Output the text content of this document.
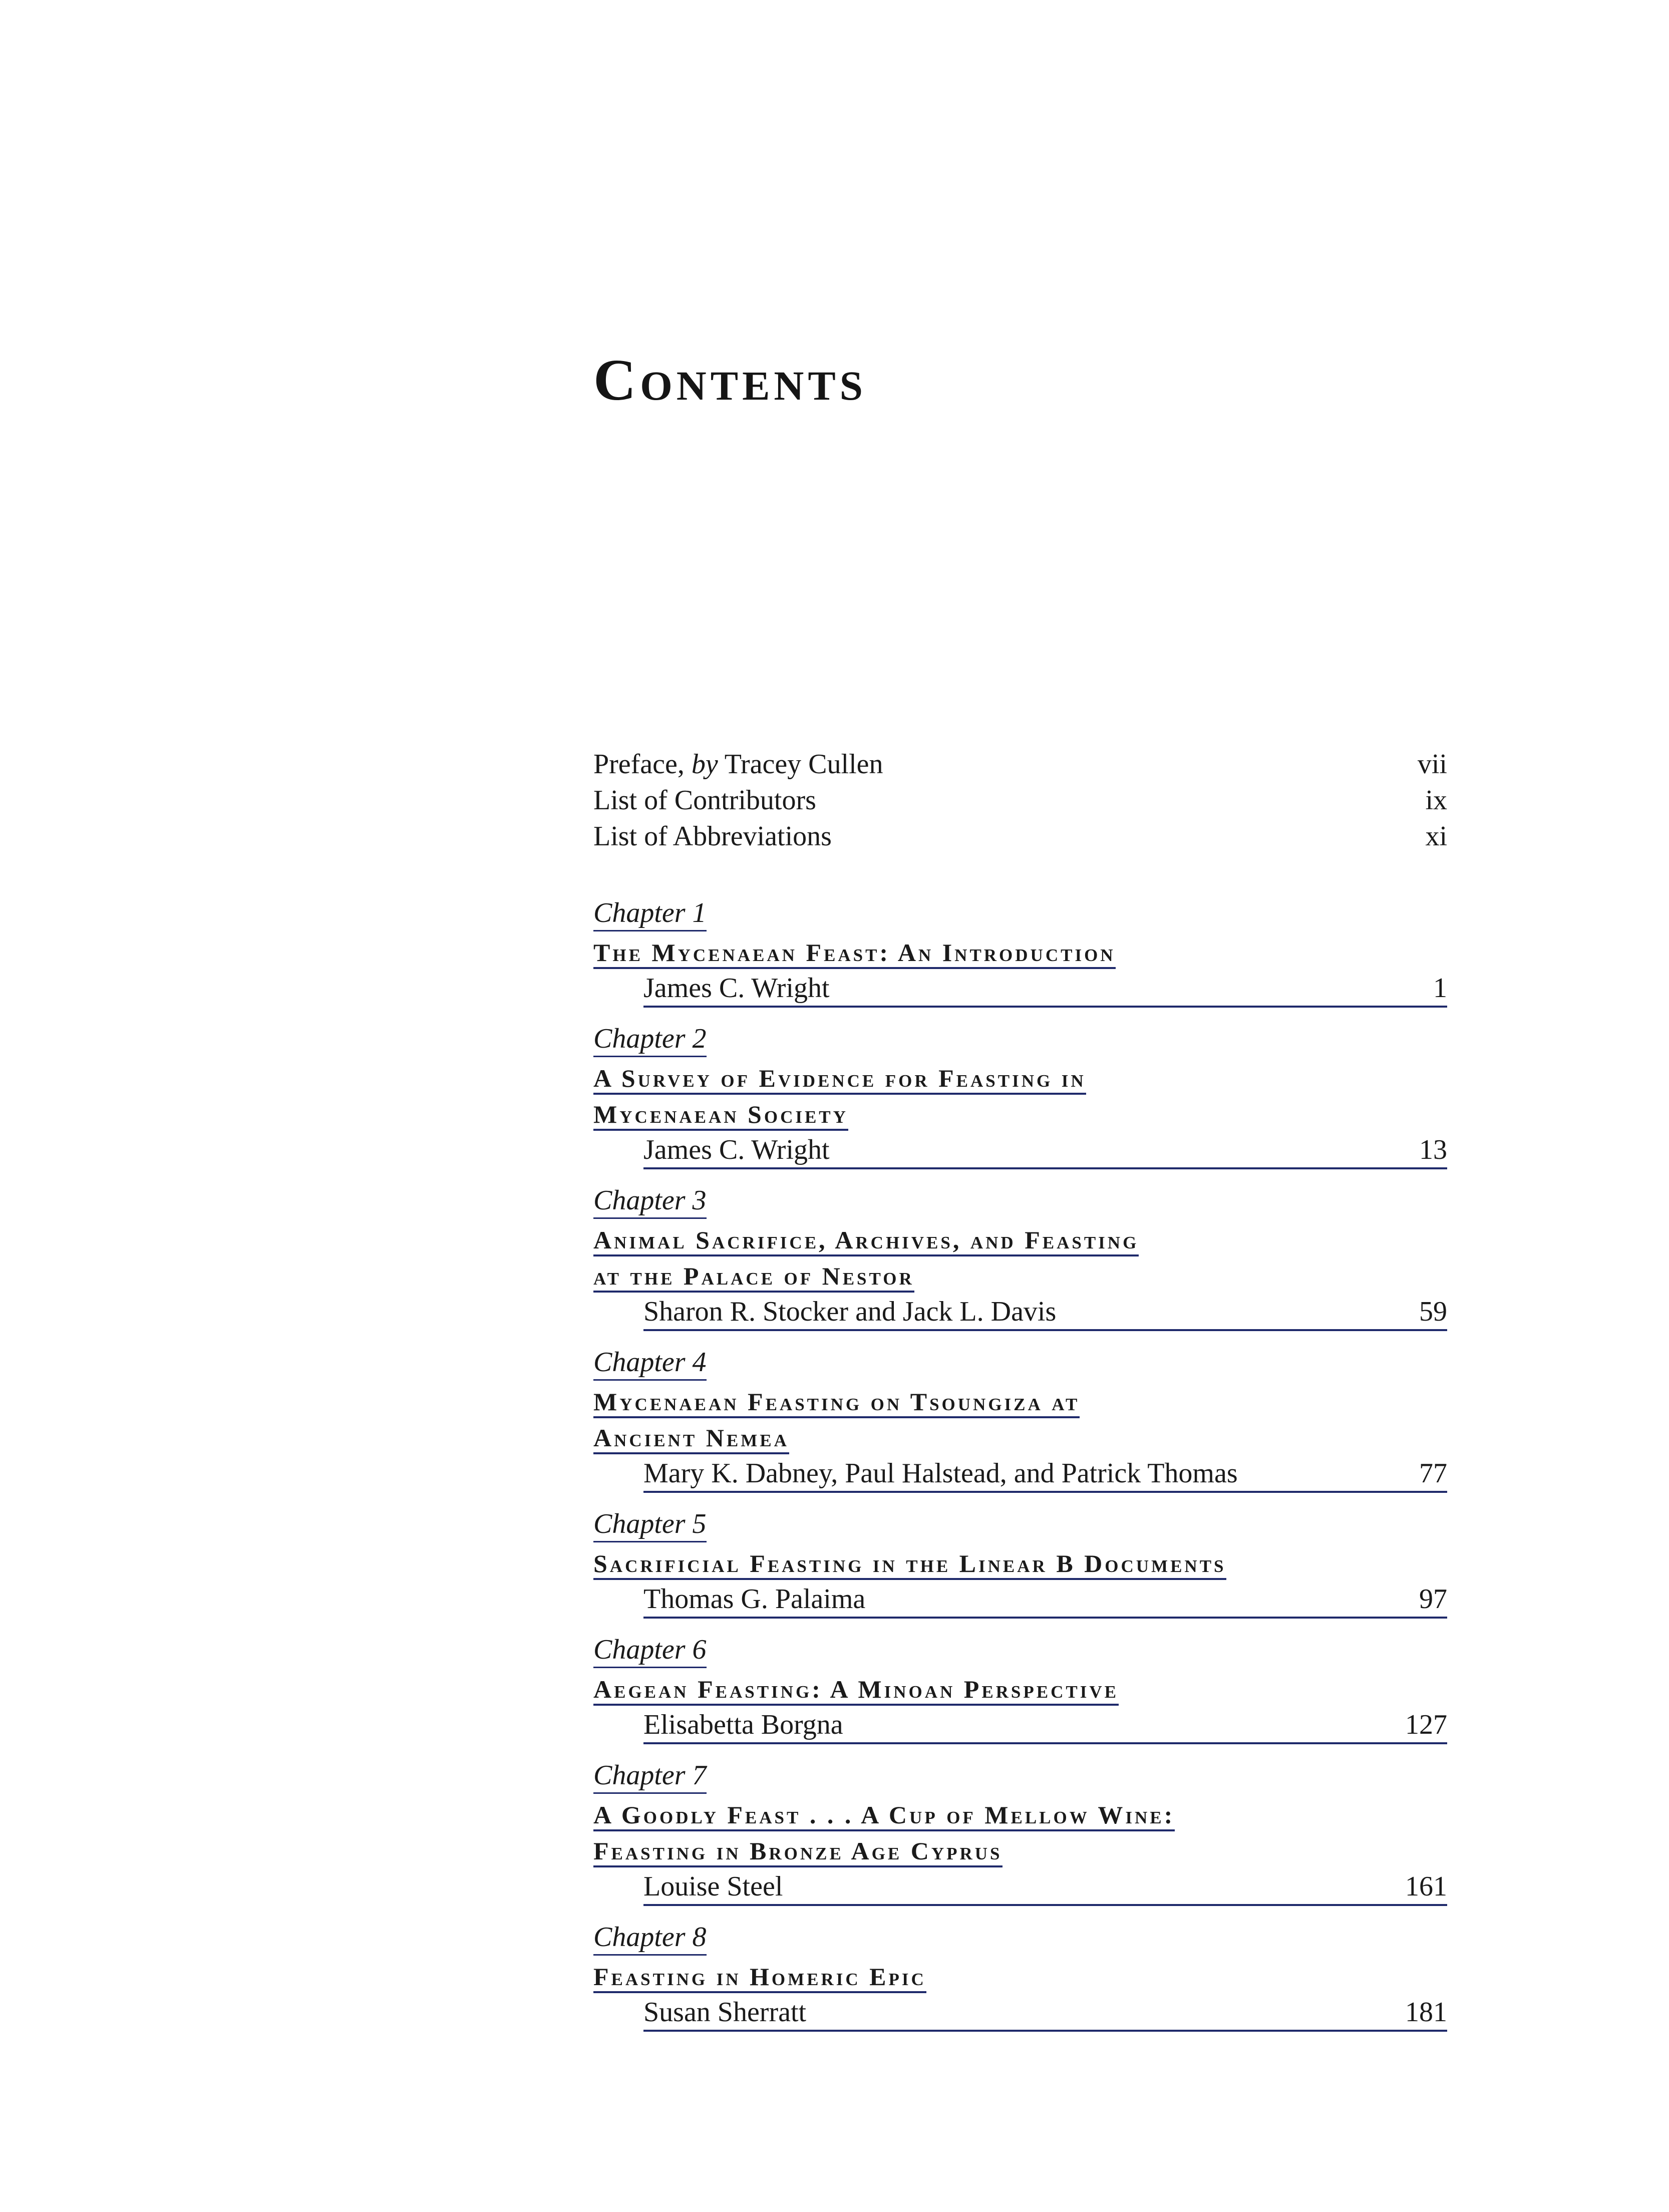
Contents
Preface, by Tracey Cullen	vii
List of Contributors	ix
List of Abbreviations	xi
Chapter 1
The Mycenaean Feast: An Introduction
James C. Wright	1
Chapter 2
A Survey of Evidence for Feasting in
Mycenaean Society
James C. Wright	13
Chapter 3
Animal Sacrifice, Archives, and Feasting
at the Palace of Nestor
Sharon R. Stocker and Jack L. Davis	59
Chapter 4
Mycenaean Feasting on Tsoungiza at
Ancient Nemea
Mary K. Dabney, Paul Halstead, and Patrick Thomas	77
Chapter 5
Sacrificial Feasting in the Linear B Documents
Thomas G. Palaima	97
Chapter 6
Aegean Feasting: A Minoan Perspective
Elisabetta Borgna	127
Chapter 7
A Goodly Feast . . . A Cup of Mellow Wine:
Feasting in Bronze Age Cyprus
Louise Steel	161
Chapter 8
Feasting in Homeric Epic
Susan Sherratt	181
